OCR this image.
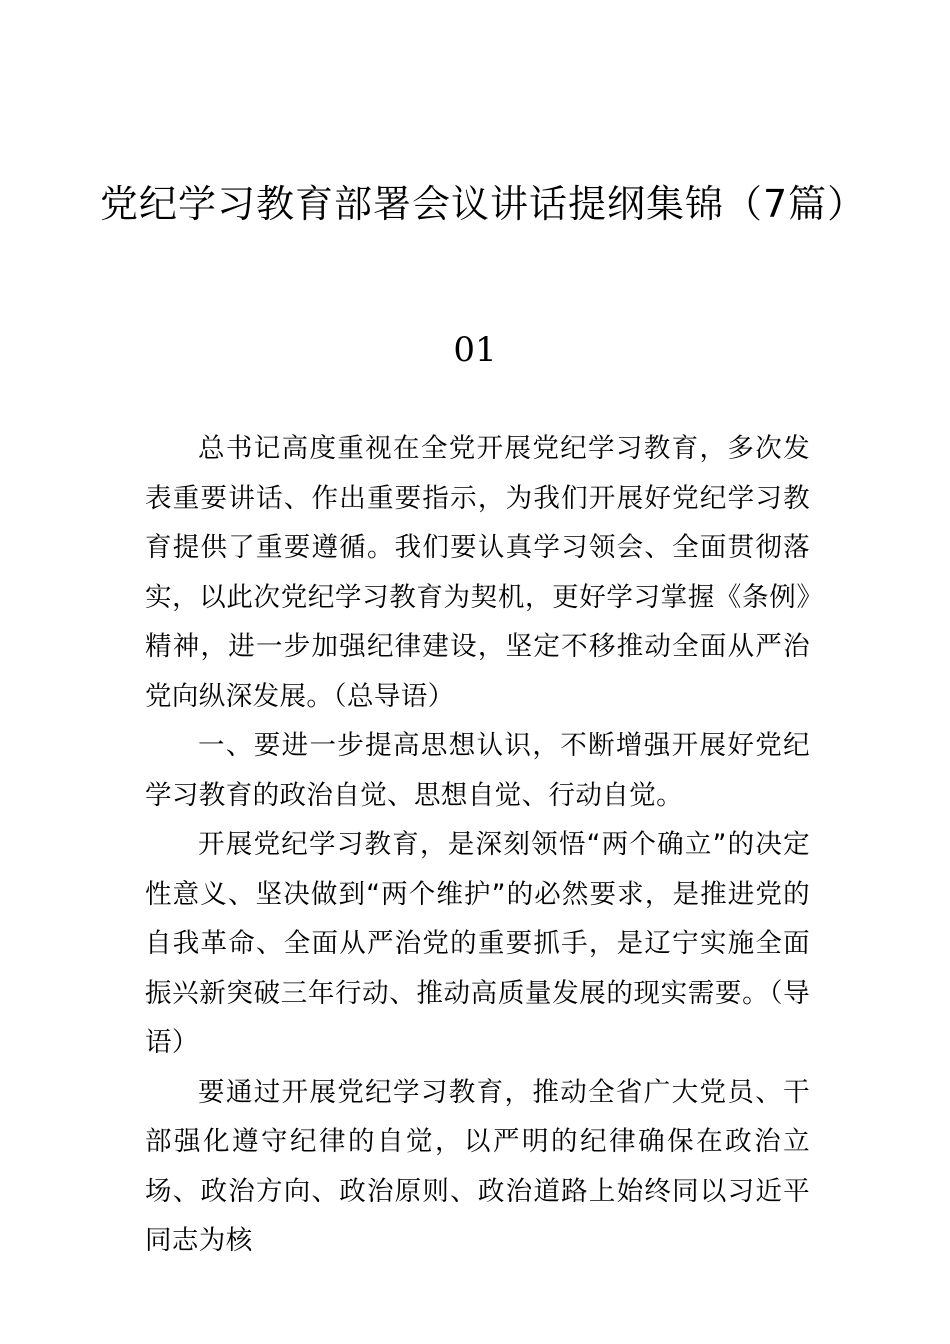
党纪学习教育部署会议讲话提纲集锦（7篇）
01

总书记高度重视在全党开展党纪学习教育，多次发表重要讲话、作出重要指示，为我们开展好党纪学习教育提供了重要遵循。我们要认真学习领会、全面贯彻落实，以此次党纪学习教育为契机，更好学习掌握《条例》精神，进一步加强纪律建设，坚定不移推动全面从严治党向纵深发展。（总导语）

一、要进一步提高思想认识，不断增强开展好党纪学习教育的政治自觉、思想自觉、行动自觉。

开展党纪学习教育，是深刻领悟“两个确立”的决定性意义、坚决做到“两个维护”的必然要求，是推进党的自我革命、全面从严治党的重要抓手，是辽宁实施全面振兴新突破三年行动、推动高质量发展的现实需要。（导语）

要通过开展党纪学习教育，推动全省广大党员、干部强化遵守纪律的自觉，以严明的纪律确保在政治立场、政治方向、政治原则、政治道路上始终同以习近平同志为核
